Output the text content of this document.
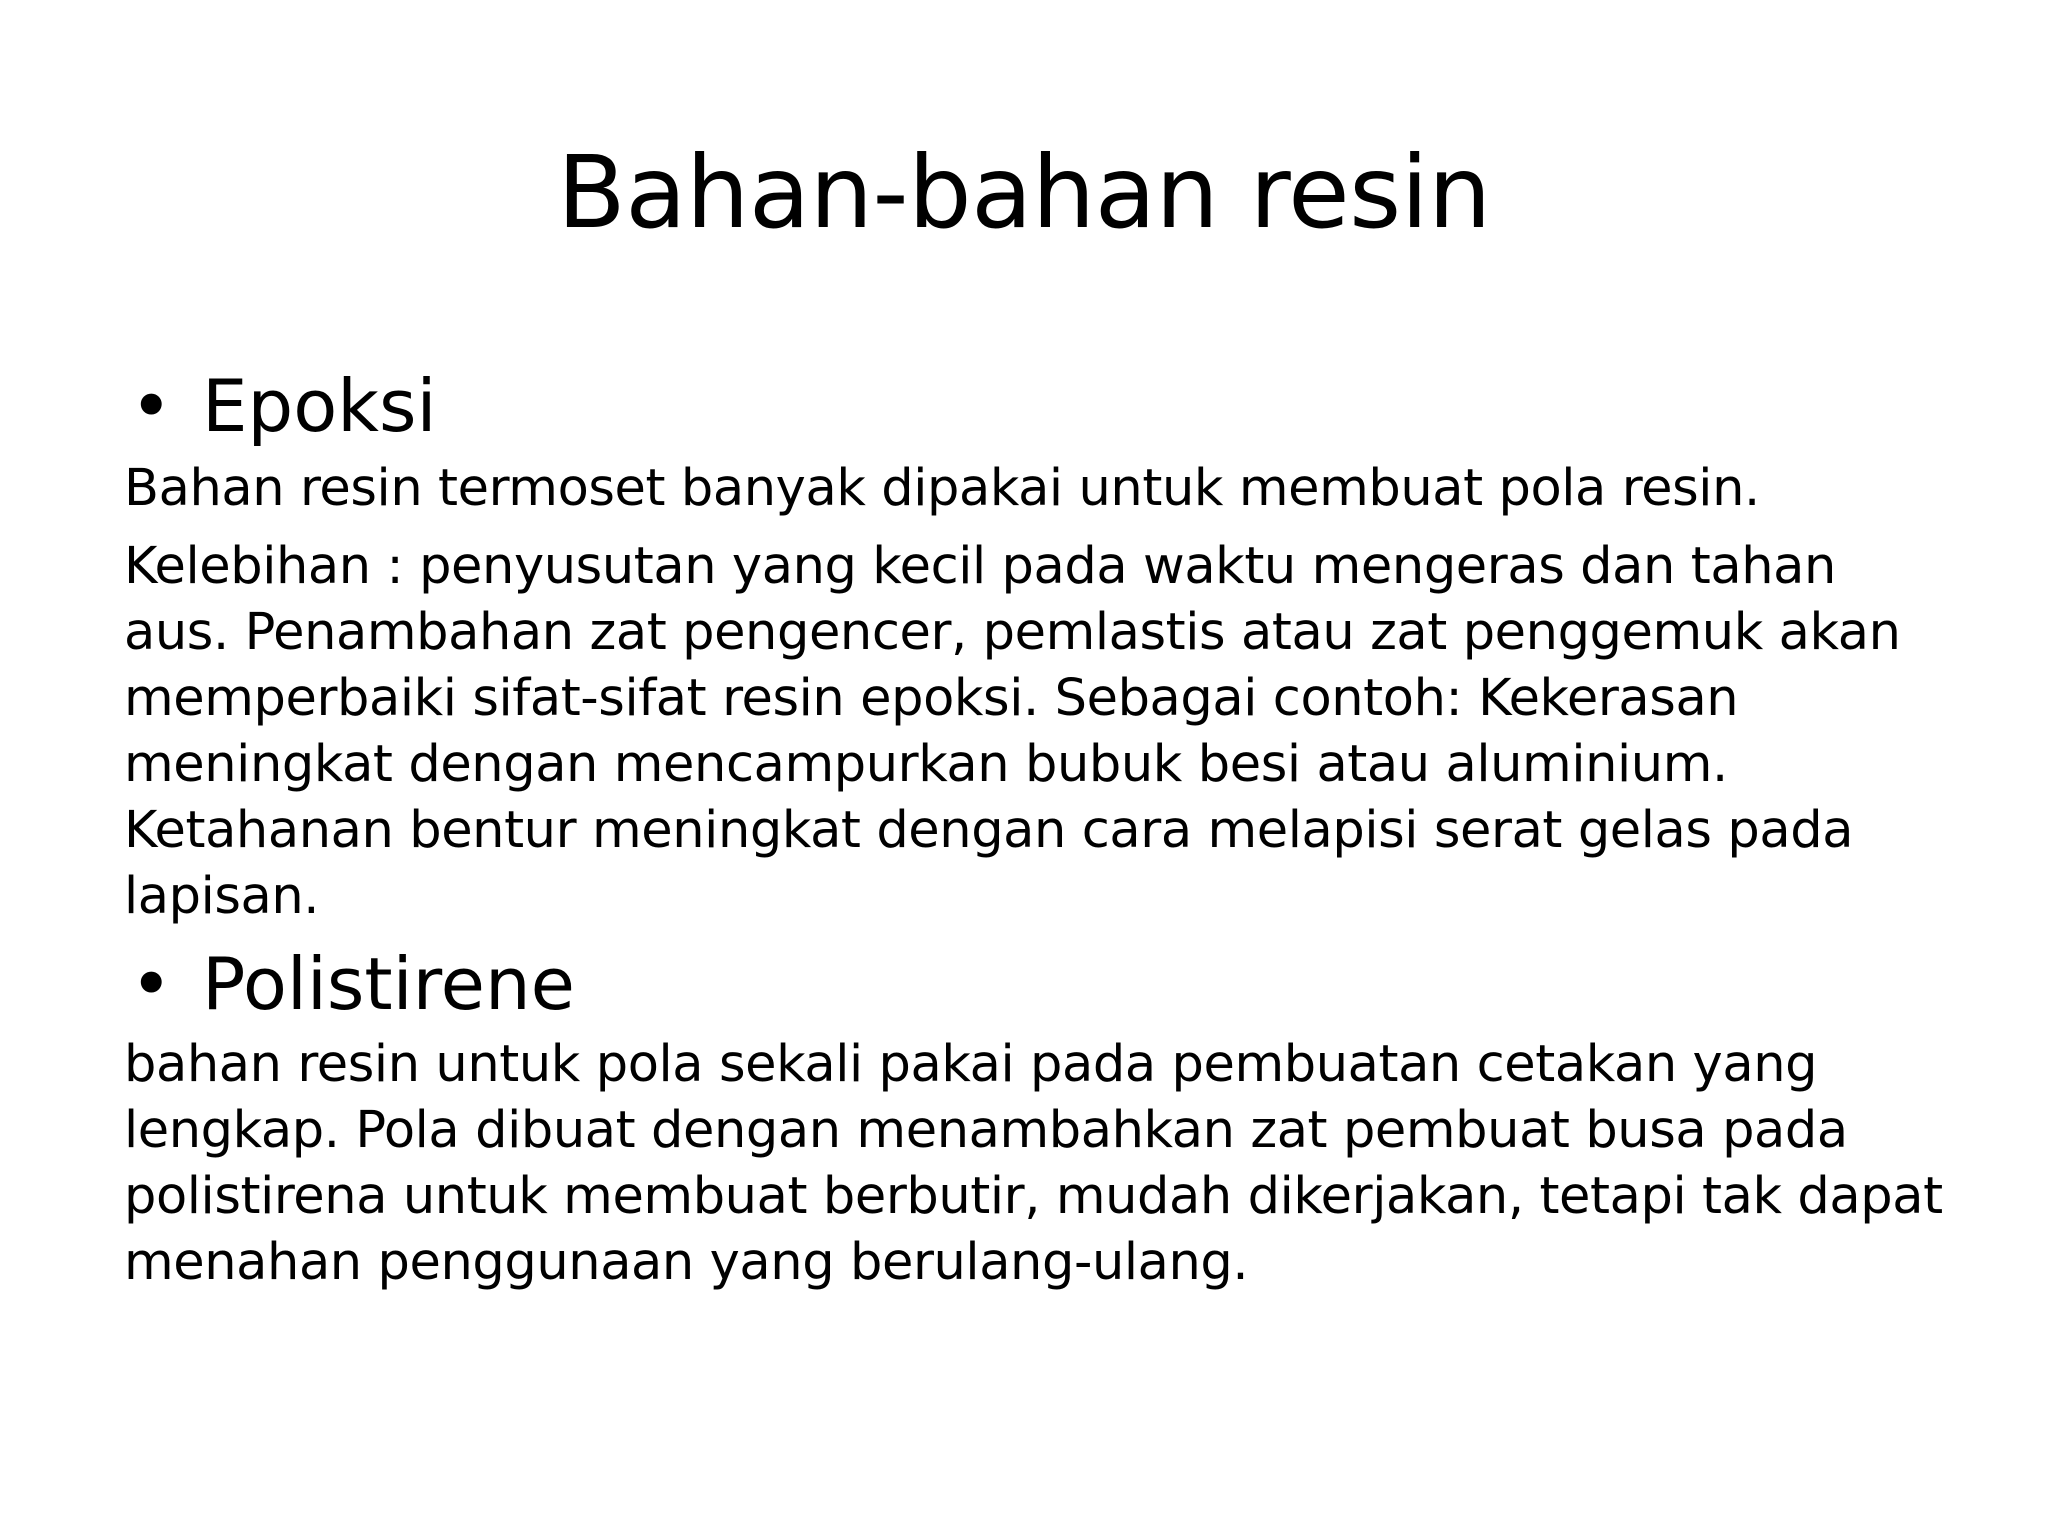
Bahan-bahan resin
• Epoksi

Bahan resin termoset banyak dipakai untuk membuat pola resin.

Kelebihan : penyusutan yang kecil pada waktu mengeras dan tahan aus. Penambahan zat pengencer, pemlastis atau zat penggemuk akan memperbaiki sifat-sifat resin epoksi. Sebagai contoh: Kekerasan meningkat dengan mencampurkan bubuk besi atau aluminium. Ketahanan bentur meningkat dengan cara melapisi serat gelas pada lapisan.

• Polistirene

bahan resin untuk pola sekali pakai pada pembuatan cetakan yang lengkap. Pola dibuat dengan menambahkan zat pembuat busa pada polistirena untuk membuat berbutir, mudah dikerjakan, tetapi tak dapat menahan penggunaan yang berulang-ulang.
